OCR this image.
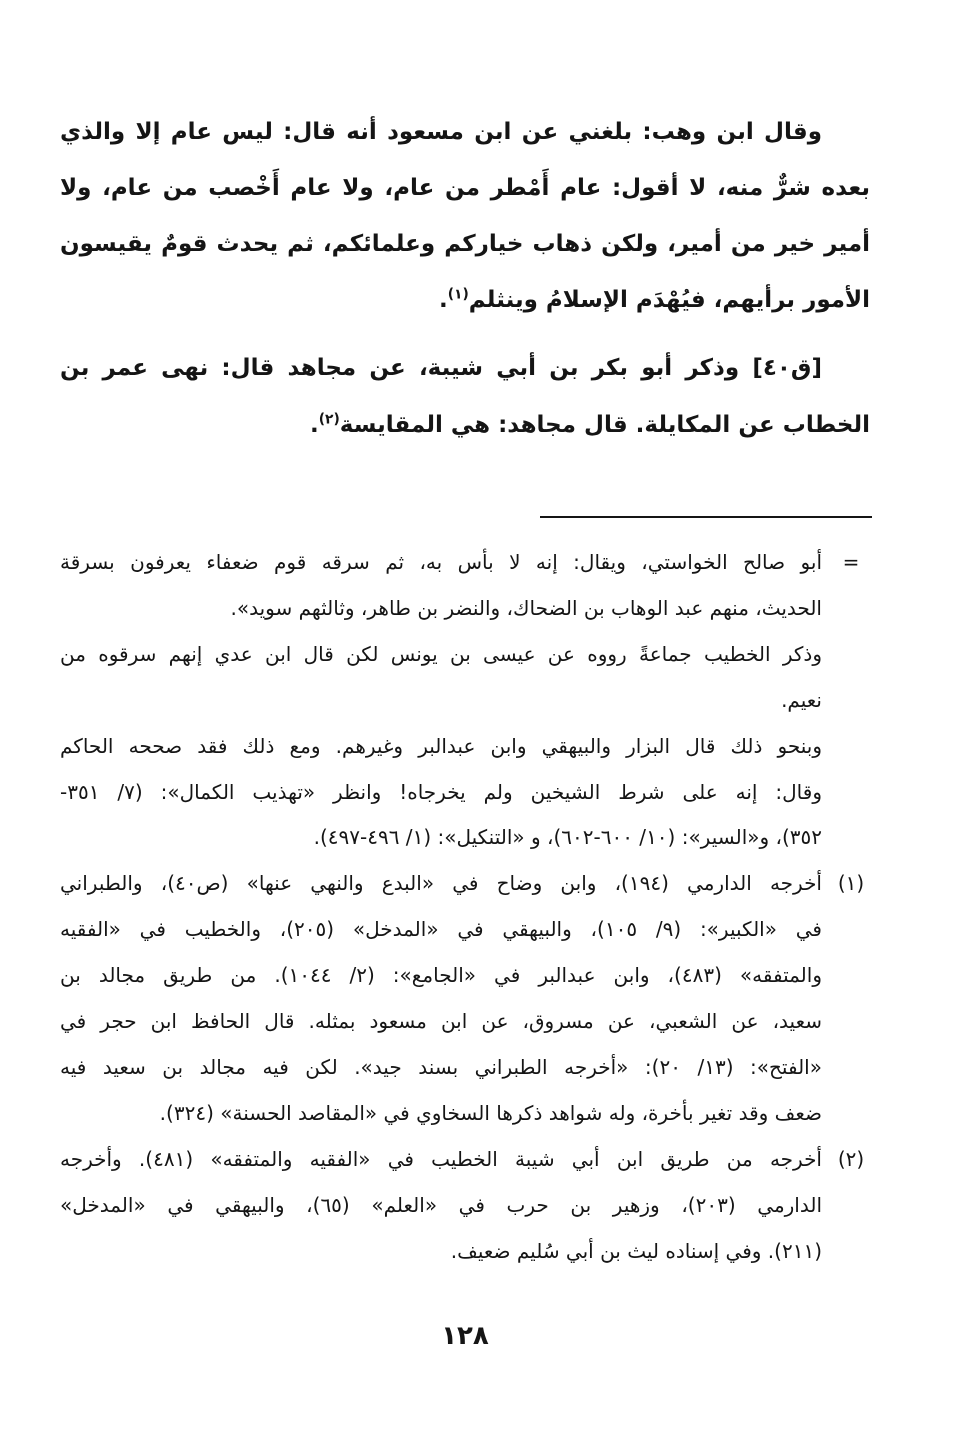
وقال ابن وهب: بلغني عن ابن مسعود أنه قال: ليس عام إلا والذي
بعده شرٌّ منه، لا أقول: عام أَمْطر من عام، ولا عام أَخْصب من عام، ولا
أمير خير من أمير، ولكن ذهاب خياركم وعلمائكم، ثم يحدث قومٌ يقيسون
الأمور برأيهم، فيُهْدَم الإسلامُ وينثلم$^{(١)}$.
[ق٤٠] وذكر أبو بكر بن أبي شيبة، عن مجاهد قال: نهى عمر بن
الخطاب عن المكايلة. قال مجاهد: هي المقايسة$^{(٢)}$.
=
أبو صالح الخواستي، ويقال: إنه لا بأس به، ثم سرقه قوم ضعفاء يعرفون بسرقة
الحديث، منهم عبد الوهاب بن الضحاك، والنضر بن طاهر، وثالثهم سويد».
وذكر الخطيب جماعةً رووه عن عيسى بن يونس لكن قال ابن عدي إنهم سرقوه من
نعيم.
وبنحو ذلك قال البزار والبيهقي وابن عبدالبر وغيرهم. ومع ذلك فقد صححه الحاكم
وقال: إنه على شرط الشيخين ولم يخرجاه! وانظر «تهذيب الكمال»: (٧/ ٣٥١-
٣٥٢)، و«السير»: (١٠/ ٦٠٠-٦٠٢)، و «التنكيل»: (١/ ٤٩٦-٤٩٧).
(١)
أخرجه الدارمي (١٩٤)، وابن وضاح في «البدع والنهي عنها» (ص٤٠)، والطبراني
في «الكبير»: (٩/ ١٠٥)، والبيهقي في «المدخل» (٢٠٥)، والخطيب في «الفقيه
والمتفقه» (٤٨٣)، وابن عبدالبر في «الجامع»: (٢/ ١٠٤٤). من طريق مجالد بن
سعيد، عن الشعبي، عن مسروق، عن ابن مسعود بمثله. قال الحافظ ابن حجر في
«الفتح»: (١٣/ ٢٠): «أخرجه الطبراني بسند جيد». لكن فيه مجالد بن سعيد فيه
ضعف وقد تغير بأخرة، وله شواهد ذكرها السخاوي في «المقاصد الحسنة» (٣٢٤).
(٢)
أخرجه من طريق ابن أبي شيبة الخطيب في «الفقيه والمتفقه» (٤٨١). وأخرجه
الدارمي (٢٠٣)، وزهير بن حرب في «العلم» (٦٥)، والبيهقي في «المدخل»
(٢١١). وفي إسناده ليث بن أبي سُليم ضعيف.
١٢٨
